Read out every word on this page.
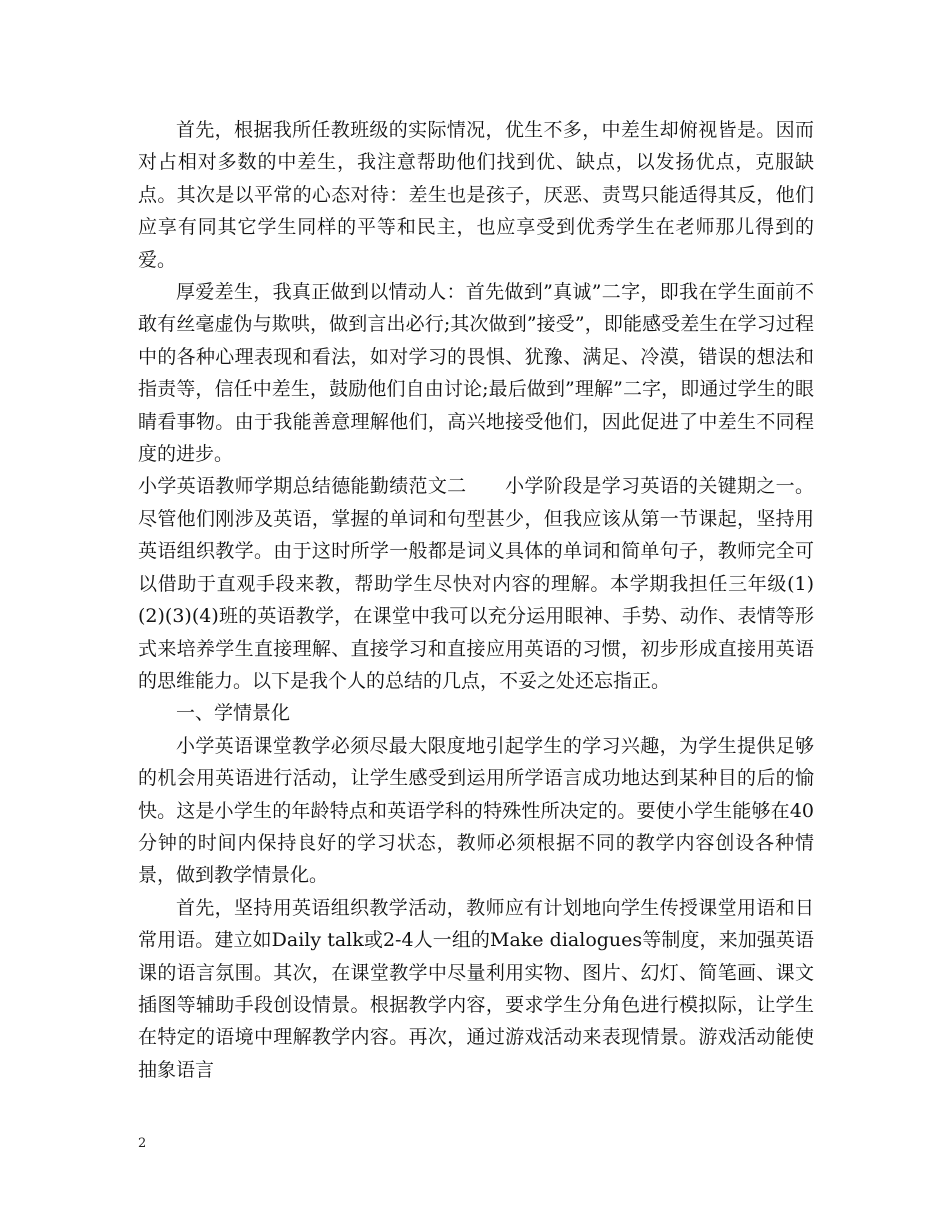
首先，根据我所任教班级的实际情况，优生不多，中差生却俯视皆是。因而对占相对多数的中差生，我注意帮助他们找到优、缺点，以发扬优点，克服缺点。其次是以平常的心态对待：差生也是孩子，厌恶、责骂只能适得其反，他们应享有同其它学生同样的平等和民主，也应享受到优秀学生在老师那儿得到的爱。

厚爱差生，我真正做到以情动人：首先做到”真诚”二字，即我在学生面前不敢有丝毫虚伪与欺哄，做到言出必行;其次做到”接受”，即能感受差生在学习过程中的各种心理表现和看法，如对学习的畏惧、犹豫、满足、冷漠，错误的想法和指责等，信任中差生，鼓励他们自由讨论;最后做到”理解”二字，即通过学生的眼睛看事物。由于我能善意理解他们，高兴地接受他们，因此促进了中差生不同程度的进步。

小学英语教师学期总结德能勤绩范文二　　小学阶段是学习英语的关键期之一。尽管他们刚涉及英语，掌握的单词和句型甚少，但我应该从第一节课起，坚持用英语组织教学。由于这时所学一般都是词义具体的单词和简单句子，教师完全可以借助于直观手段来教，帮助学生尽快对内容的理解。本学期我担任三年级(1)(2)(3)(4)班的英语教学，在课堂中我可以充分运用眼神、手势、动作、表情等形式来培养学生直接理解、直接学习和直接应用英语的习惯，初步形成直接用英语的思维能力。以下是我个人的总结的几点，不妥之处还忘指正。

一、学情景化

小学英语课堂教学必须尽最大限度地引起学生的学习兴趣，为学生提供足够的机会用英语进行活动，让学生感受到运用所学语言成功地达到某种目的后的愉快。这是小学生的年龄特点和英语学科的特殊性所决定的。要使小学生能够在40分钟的时间内保持良好的学习状态，教师必须根据不同的教学内容创设各种情景，做到教学情景化。

首先，坚持用英语组织教学活动，教师应有计划地向学生传授课堂用语和日常用语。建立如Daily talk或2-4人一组的Make dialogues等制度，来加强英语课的语言氛围。其次，在课堂教学中尽量利用实物、图片、幻灯、简笔画、课文插图等辅助手段创设情景。根据教学内容，要求学生分角色进行模拟际，让学生在特定的语境中理解教学内容。再次，通过游戏活动来表现情景。游戏活动能使抽象语言

2
